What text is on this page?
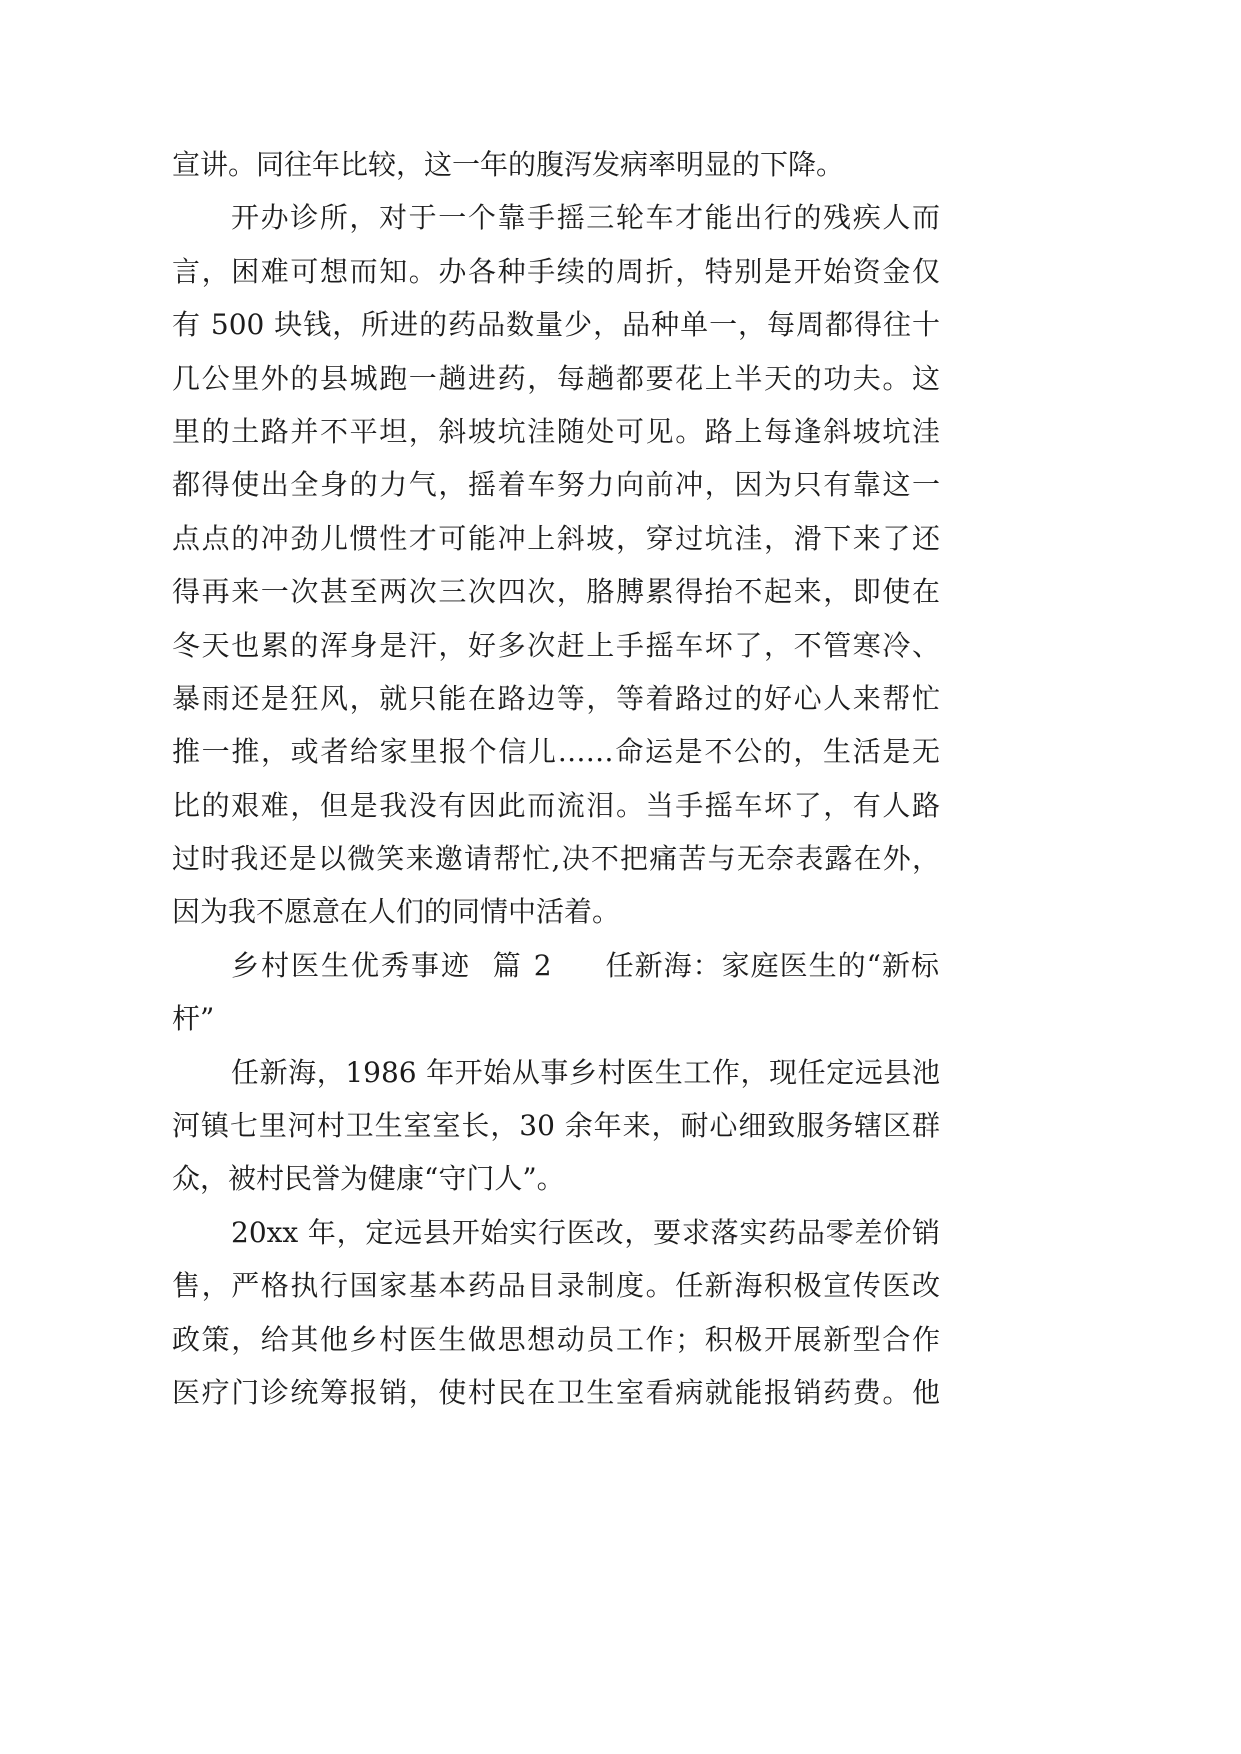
宣讲。同往年比较，这一年的腹泻发病率明显的下降。
开办诊所，对于一个靠手摇三轮车才能出行的残疾人而
言，困难可想而知。办各种手续的周折，特别是开始资金仅
有 500 块钱，所进的药品数量少，品种单一，每周都得往十
几公里外的县城跑一趟进药，每趟都要花上半天的功夫。这
里的土路并不平坦，斜坡坑洼随处可见。路上每逢斜坡坑洼
都得使出全身的力气，摇着车努力向前冲，因为只有靠这一
点点的冲劲儿惯性才可能冲上斜坡，穿过坑洼，滑下来了还
得再来一次甚至两次三次四次，胳膊累得抬不起来，即使在
冬天也累的浑身是汗，好多次赶上手摇车坏了，不管寒冷、
暴雨还是狂风，就只能在路边等，等着路过的好心人来帮忙
推一推，或者给家里报个信儿……命运是不公的，生活是无
比的艰难，但是我没有因此而流泪。当手摇车坏了，有人路
过时我还是以微笑来邀请帮忙,决不把痛苦与无奈表露在外，
因为我不愿意在人们的同情中活着。
乡村医生优秀事迹  篇 2 任新海：家庭医生的“新标
杆”
任新海，1986 年开始从事乡村医生工作，现任定远县池
河镇七里河村卫生室室长，30 余年来，耐心细致服务辖区群
众，被村民誉为健康“守门人”。
20xx 年，定远县开始实行医改，要求落实药品零差价销
售，严格执行国家基本药品目录制度。任新海积极宣传医改
政策，给其他乡村医生做思想动员工作；积极开展新型合作
医疗门诊统筹报销，使村民在卫生室看病就能报销药费。他
